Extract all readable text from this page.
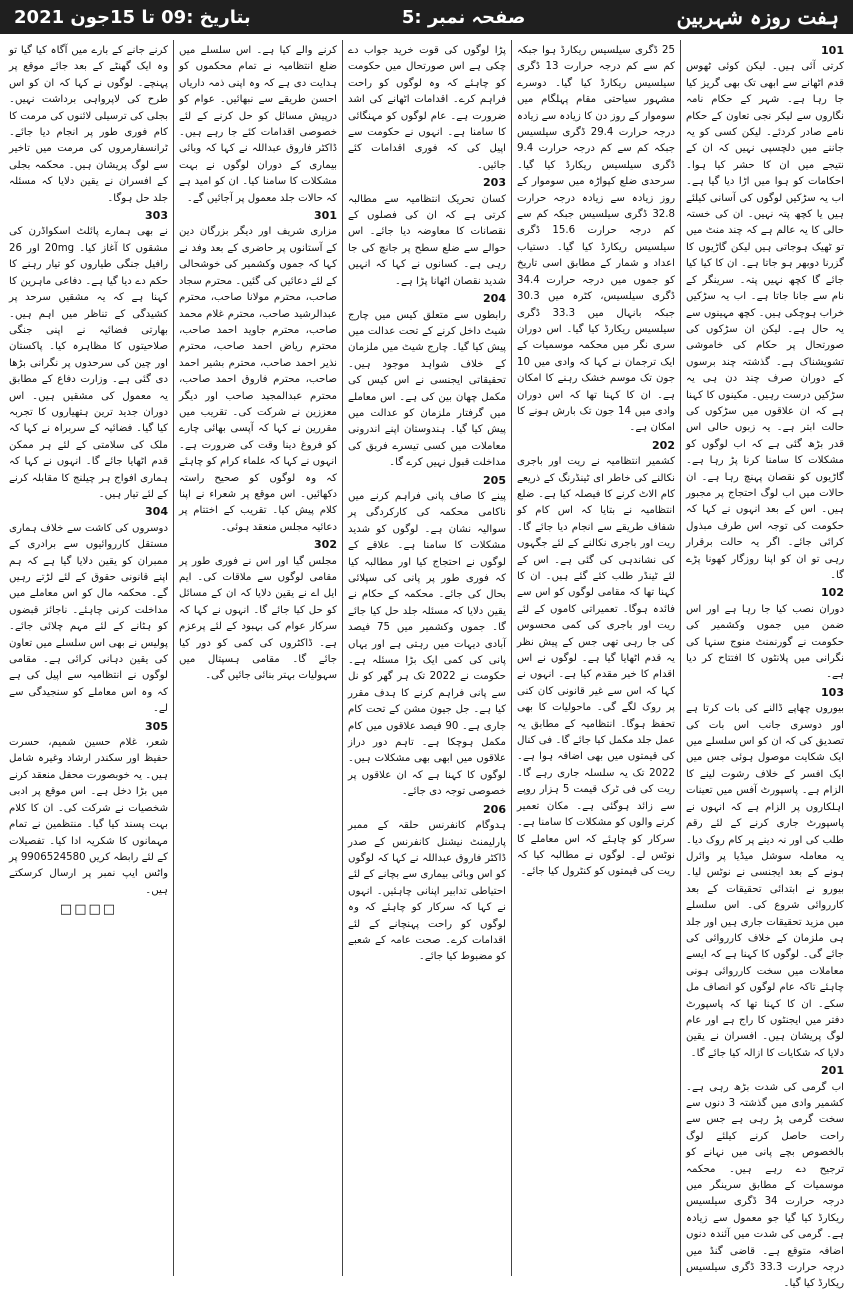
ہفت روزہ شہربین
صفحہ نمبر :5
بتاریخ :09 تا 15جون 2021
101
کرتی آئی ہیں۔ لیکن کوئی ٹھوس قدم اٹھانے سے ابھی تک بھی گریز کیا جا رہا ہے۔ شہر کے حکام نامہ نگاروں سے لیکر نجی تعاون کے حکام نامے صادر کردئے۔ لیکن کسی کو یہ جاننے میں دلچسپی نہیں کہ ان کے نتیجے میں ان کا حشر کیا ہوا۔ احکامات کو ہوا میں اڑا دیا گیا ہے۔ اب یہ سڑکیں لوگوں کی آسانی کیلئے ہیں یا کچھ پتہ نہیں۔ ان کی خستہ حالی کا یہ عالم ہے کہ چند منٹ میں تو ٹھیک ہوجاتی ہیں لیکن گاڑیوں کا گزرنا دوبھر ہو جاتا ہے۔ ان کا کیا کیا جائے گا کچھ نہیں پتہ۔ سرینگر کے نام سے جانا جاتا ہے۔ اب یہ سڑکیں خراب ہوچکی ہیں۔ کچھ مہینوں سے یہ حال ہے۔ لیکن ان سڑکوں کی صورتحال پر حکام کی خاموشی تشویشناک ہے۔ گذشتہ چند برسوں کے دوران صرف چند دن ہی یہ سڑکیں درست رہیں۔ مکینوں کا کہنا ہے کہ ان علاقوں میں سڑکوں کی حالت ابتر ہے۔ یہ زبوں حالی اس قدر بڑھ گئی ہے کہ اب لوگوں کو مشکلات کا سامنا کرنا پڑ رہا ہے۔ گاڑیوں کو نقصان پہنچ رہا ہے۔ ان حالات میں اب لوگ احتجاج پر مجبور ہیں۔ اس کے بعد انہوں نے کہا کہ حکومت کی توجہ اس طرف مبذول کرائی جائے۔ اگر یہ حالت برقرار رہی تو ان کو اپنا روزگار کھونا پڑے گا۔
102
دوران نصب کیا جا رہا ہے اور اس ضمن میں جموں وکشمیر کی حکومت نے گورنمنٹ منوج سنہا کی نگرانی میں پلانٹوں کا افتتاح کر دیا ہے۔
103
بیوروں چھاپے ڈالنے کی بات کرتا ہے اور دوسری جانب اس بات کی تصدیق کی کہ ان کو اس سلسلے میں ایک شکایت موصول ہوئی جس میں ایک افسر کے خلاف رشوت لینے کا الزام ہے۔ پاسپورٹ آفس میں تعینات اہلکاروں پر الزام ہے کہ انہوں نے پاسپورٹ جاری کرنے کے لئے رقم طلب کی اور نہ دینے پر کام روک دیا۔ یہ معاملہ سوشل میڈیا پر وائرل ہونے کے بعد ایجنسی نے نوٹس لیا۔ بیورو نے ابتدائی تحقیقات کے بعد کارروائی شروع کی۔ اس سلسلے میں مزید تحقیقات جاری ہیں اور جلد ہی ملزمان کے خلاف کارروائی کی جائے گی۔ لوگوں کا کہنا ہے کہ ایسے معاملات میں سخت کارروائی ہونی چاہئے تاکہ عام لوگوں کو انصاف مل سکے۔ ان کا کہنا تھا کہ پاسپورٹ دفتر میں ایجنٹوں کا راج ہے اور عام لوگ پریشان ہیں۔ افسران نے یقین دلایا کہ شکایات کا ازالہ کیا جائے گا۔
201
اب گرمی کی شدت بڑھ رہی ہے۔ کشمیر وادی میں گذشتہ 3 دنوں سے سخت گرمی پڑ رہی ہے جس سے راحت حاصل کرنے کیلئے لوگ بالخصوص بچے پانی میں نہانے کو ترجیح دے رہے ہیں۔ محکمہ موسمیات کے مطابق سرینگر میں درجہ حرارت 34 ڈگری سیلسیس ریکارڈ کیا گیا جو معمول سے زیادہ ہے۔ گرمی کی شدت میں آئندہ دنوں اضافہ متوقع ہے۔ قاضی گنڈ میں درجہ حرارت 33.3 ڈگری سیلسیس ریکارڈ کیا گیا۔
25 ڈگری سیلسیس ریکارڈ ہوا جبکہ کم سے کم درجہ حرارت 13 ڈگری سیلسیس ریکارڈ کیا گیا۔ دوسرے مشہور سیاحتی مقام پہلگام میں سوموار کے روز دن کا زیادہ سے زیادہ درجہ حرارت 29.4 ڈگری سیلسیس جبکہ کم سے کم درجہ حرارت 9.4 ڈگری سیلسیس ریکارڈ کیا گیا۔ سرحدی ضلع کپواڑہ میں سوموار کے روز زیادہ سے زیادہ درجہ حرارت 32.8 ڈگری سیلسیس جبکہ کم سے کم درجہ حرارت 15.6 ڈگری سیلسیس ریکارڈ کیا گیا۔ دستیاب اعداد و شمار کے مطابق اسی تاریخ کو جموں میں درجہ حرارت 34.4 ڈگری سیلسیس، کٹرہ میں 30.3 جبکہ بانہال میں 33.3 ڈگری سیلسیس ریکارڈ کیا گیا۔ اس دوران سری نگر میں محکمہ موسمیات کے ایک ترجمان نے کہا کہ وادی میں 10 جون تک موسم خشک رہنے کا امکان ہے۔ ان کا کہنا تھا کہ اس دوران وادی میں 14 جون تک بارش ہونے کا امکان ہے۔
202
کشمیر انتظامیہ نے ریت اور باجری نکالنے کی خاطر ای ٹینڈرنگ کے ذریعے کام الاٹ کرنے کا فیصلہ کیا ہے۔ ضلع انتظامیہ نے بتایا کہ اس کام کو شفاف طریقے سے انجام دیا جائے گا۔ ریت اور باجری نکالنے کے لئے جگہوں کی نشاندہی کی گئی ہے۔ اس کے لئے ٹینڈر طلب کئے گئے ہیں۔ ان کا کہنا تھا کہ مقامی لوگوں کو اس سے فائدہ ہوگا۔ تعمیراتی کاموں کے لئے ریت اور باجری کی کمی محسوس کی جا رہی تھی جس کے پیش نظر یہ قدم اٹھایا گیا ہے۔ لوگوں نے اس اقدام کا خیر مقدم کیا ہے۔ انہوں نے کہا کہ اس سے غیر قانونی کان کنی پر روک لگے گی۔ ماحولیات کا بھی تحفظ ہوگا۔ انتظامیہ کے مطابق یہ عمل جلد مکمل کیا جائے گا۔ فی کنال کی قیمتوں میں بھی اضافہ ہوا ہے۔ 2022 تک یہ سلسلہ جاری رہے گا۔ ریت کی فی ٹرک قیمت 5 ہزار روپے سے زائد ہوگئی ہے۔ مکان تعمیر کرنے والوں کو مشکلات کا سامنا ہے۔ سرکار کو چاہئے کہ اس معاملے کا نوٹس لے۔ لوگوں نے مطالبہ کیا کہ ریت کی قیمتوں کو کنٹرول کیا جائے۔
پڑا لوگوں کی قوت خرید جواب دے چکی ہے اس صورتحال میں حکومت کو چاہئے کہ وہ لوگوں کو راحت فراہم کرے۔ اقدامات اٹھانے کی اشد ضرورت ہے۔ عام لوگوں کو مہنگائی کا سامنا ہے۔ انہوں نے حکومت سے اپیل کی کہ فوری اقدامات کئے جائیں۔
203
کسان تحریک انتظامیہ سے مطالبہ کرتی ہے کہ ان کی فصلوں کے نقصانات کا معاوضہ دیا جائے۔ اس حوالے سے ضلع سطح پر جانچ کی جا رہی ہے۔ کسانوں نے کہا کہ انہیں شدید نقصان اٹھانا پڑا ہے۔
204
رابطوں سے متعلق کیس میں چارج شیٹ داخل کرنے کے تحت عدالت میں پیش کیا گیا۔ چارج شیٹ میں ملزمان کے خلاف شواہد موجود ہیں۔ تحقیقاتی ایجنسی نے اس کیس کی مکمل چھان بین کی ہے۔ اس معاملے میں گرفتار ملزمان کو عدالت میں پیش کیا گیا۔ ہندوستان اپنے اندرونی معاملات میں کسی تیسرے فریق کی مداخلت قبول نہیں کرے گا۔
205
پینے کا صاف پانی فراہم کرنے میں ناکامی محکمہ کی کارکردگی پر سوالیہ نشان ہے۔ لوگوں کو شدید مشکلات کا سامنا ہے۔ علاقے کے لوگوں نے احتجاج کیا اور مطالبہ کیا کہ فوری طور پر پانی کی سپلائی بحال کی جائے۔ محکمہ کے حکام نے یقین دلایا کہ مسئلہ جلد حل کیا جائے گا۔ جموں وکشمیر میں 75 فیصد آبادی دیہات میں رہتی ہے اور یہاں پانی کی کمی ایک بڑا مسئلہ ہے۔ حکومت نے 2022 تک ہر گھر کو نل سے پانی فراہم کرنے کا ہدف مقرر کیا ہے۔ جل جیون مشن کے تحت کام جاری ہے۔ 90 فیصد علاقوں میں کام مکمل ہوچکا ہے۔ تاہم دور دراز علاقوں میں ابھی بھی مشکلات ہیں۔ لوگوں کا کہنا ہے کہ ان علاقوں پر خصوصی توجہ دی جائے۔
206
ہدوگام کانفرنس حلقہ کے ممبر پارلیمنٹ نیشنل کانفرنس کے صدر ڈاکٹر فاروق عبداللہ نے کہا کہ لوگوں کو اس وبائی بیماری سے بچانے کے لئے احتیاطی تدابیر اپنانی چاہئیں۔ انہوں نے کہا کہ سرکار کو چاہئے کہ وہ لوگوں کو راحت پہنچانے کے لئے اقدامات کرے۔ صحت عامہ کے شعبے کو مضبوط کیا جائے۔
کرنے والے کیا ہے۔ اس سلسلے میں ضلع انتظامیہ نے تمام محکموں کو ہدایت دی ہے کہ وہ اپنی ذمہ داریاں احسن طریقے سے نبھائیں۔ عوام کو درپیش مسائل کو حل کرنے کے لئے خصوصی اقدامات کئے جا رہے ہیں۔ ڈاکٹر فاروق عبداللہ نے کہا کہ وبائی بیماری کے دوران لوگوں نے بہت مشکلات کا سامنا کیا۔ ان کو امید ہے کہ حالات جلد معمول پر آجائیں گے۔
301
مزاری شریف اور دیگر بزرگان دین کے آستانوں پر حاضری کے بعد وفد نے کہا کہ جموں وکشمیر کی خوشحالی کے لئے دعائیں کی گئیں۔ محترم سجاد صاحب، محترم مولانا صاحب، محترم عبدالرشید صاحب، محترم غلام محمد صاحب، محترم جاوید احمد صاحب، محترم ریاض احمد صاحب، محترم نذیر احمد صاحب، محترم بشیر احمد صاحب، محترم فاروق احمد صاحب، محترم عبدالمجید صاحب اور دیگر معززین نے شرکت کی۔ تقریب میں مقررین نے کہا کہ آپسی بھائی چارے کو فروغ دینا وقت کی ضرورت ہے۔ انہوں نے کہا کہ علماء کرام کو چاہئے کہ وہ لوگوں کو صحیح راستہ دکھائیں۔ اس موقع پر شعراء نے اپنا کلام پیش کیا۔ تقریب کے اختتام پر دعائیہ مجلس منعقد ہوئی۔
302
مجلس گیا اور اس نے فوری طور پر مقامی لوگوں سے ملاقات کی۔ ایم ایل اے نے یقین دلایا کہ ان کے مسائل کو حل کیا جائے گا۔ انہوں نے کہا کہ سرکار عوام کی بہبود کے لئے پرعزم ہے۔ ڈاکٹروں کی کمی کو دور کیا جائے گا۔ مقامی ہسپتال میں سہولیات بہتر بنائی جائیں گی۔
کرنے جانے کے بارے میں آگاہ کیا گیا تو وہ ایک گھنٹے کے بعد جائے موقع پر پہنچے۔ لوگوں نے کہا کہ ان کو اس طرح کی لاپرواہی برداشت نہیں۔ بجلی کی ترسیلی لائنوں کی مرمت کا کام فوری طور پر انجام دیا جائے۔ ٹرانسفارمروں کی مرمت میں تاخیر سے لوگ پریشان ہیں۔ محکمہ بجلی کے افسران نے یقین دلایا کہ مسئلہ جلد حل ہوگا۔
303
نے بھی ہمارے پائلٹ اسکواڈرن کی مشقوں کا آغاز کیا۔ 20mg اور 26 رافیل جنگی طیاروں کو تیار رہنے کا حکم دے دیا گیا ہے۔ دفاعی ماہرین کا کہنا ہے کہ یہ مشقیں سرحد پر کشیدگی کے تناظر میں اہم ہیں۔ بھارتی فضائیہ نے اپنی جنگی صلاحیتوں کا مظاہرہ کیا۔ پاکستان اور چین کی سرحدوں پر نگرانی بڑھا دی گئی ہے۔ وزارت دفاع کے مطابق یہ معمول کی مشقیں ہیں۔ اس دوران جدید ترین ہتھیاروں کا تجربہ کیا گیا۔ فضائیہ کے سربراہ نے کہا کہ ملک کی سلامتی کے لئے ہر ممکن قدم اٹھایا جائے گا۔ انہوں نے کہا کہ ہماری افواج ہر چیلنج کا مقابلہ کرنے کے لئے تیار ہیں۔
304
دوسروں کی کاشت سے خلاف ہماری مستقل کارروائیوں سے برادری کے ممبران کو یقین دلایا گیا ہے کہ ہم اپنے قانونی حقوق کے لئے لڑتے رہیں گے۔ محکمہ مال کو اس معاملے میں مداخلت کرنی چاہئے۔ ناجائز قبضوں کو ہٹانے کے لئے مہم چلائی جائے۔ پولیس نے بھی اس سلسلے میں تعاون کی یقین دہانی کرائی ہے۔ مقامی لوگوں نے انتظامیہ سے اپیل کی ہے کہ وہ اس معاملے کو سنجیدگی سے لے۔
305
شعر، غلام حسین شمیم، حسرت حفیظ اور سکندر ارشاد وغیرہ شامل ہیں۔ یہ خوبصورت محفل منعقد کرنے میں بڑا دخل ہے۔ اس موقع پر ادبی شخصیات نے شرکت کی۔ ان کا کلام بہت پسند کیا گیا۔ منتظمین نے تمام مہمانوں کا شکریہ ادا کیا۔ تفصیلات کے لئے رابطہ کریں 9906524580 پر واٹس ایپ نمبر پر ارسال کرسکتے ہیں۔
□□□□
